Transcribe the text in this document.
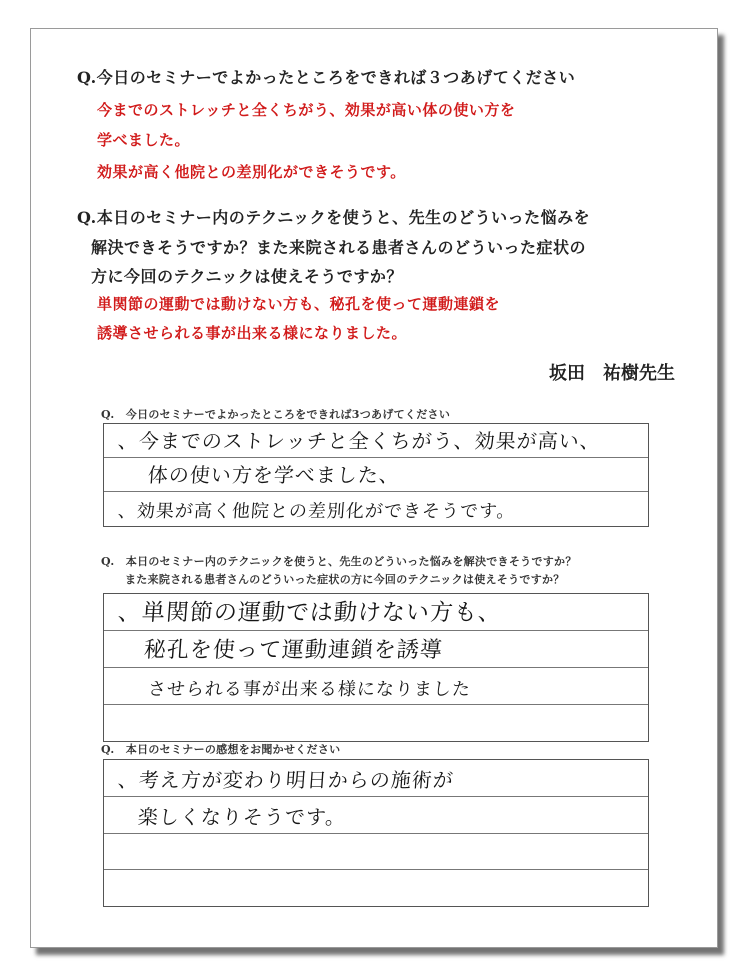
Q.今日のセミナーでよかったところをできれば３つあげてください
今までのストレッチと全くちがう、効果が高い体の使い方を
学べました。
効果が高く他院との差別化ができそうです。
Q.本日のセミナー内のテクニックを使うと、先生のどういった悩みを
解決できそうですか？また来院される患者さんのどういった症状の
方に今回のテクニックは使えそうですか？
単関節の運動では動けない方も、秘孔を使って運動連鎖を
誘導させられる事が出来る様になりました。
坂田　祐樹先生
Q.　今日のセミナーでよかったところをできれば3つあげてください
、今までのストレッチと全くちがう、効果が高い、
体の使い方を学べました、
、効果が高く他院との差別化ができそうです。
Q.　本日のセミナー内のテクニックを使うと、先生のどういった悩みを解決できそうですか？
また来院される患者さんのどういった症状の方に今回のテクニックは使えそうですか？
、単関節の運動では動けない方も、
秘孔を使って運動連鎖を誘導
させられる事が出来る様になりました
Q.　本日のセミナーの感想をお聞かせください
、考え方が変わり明日からの施術が
楽しくなりそうです。
